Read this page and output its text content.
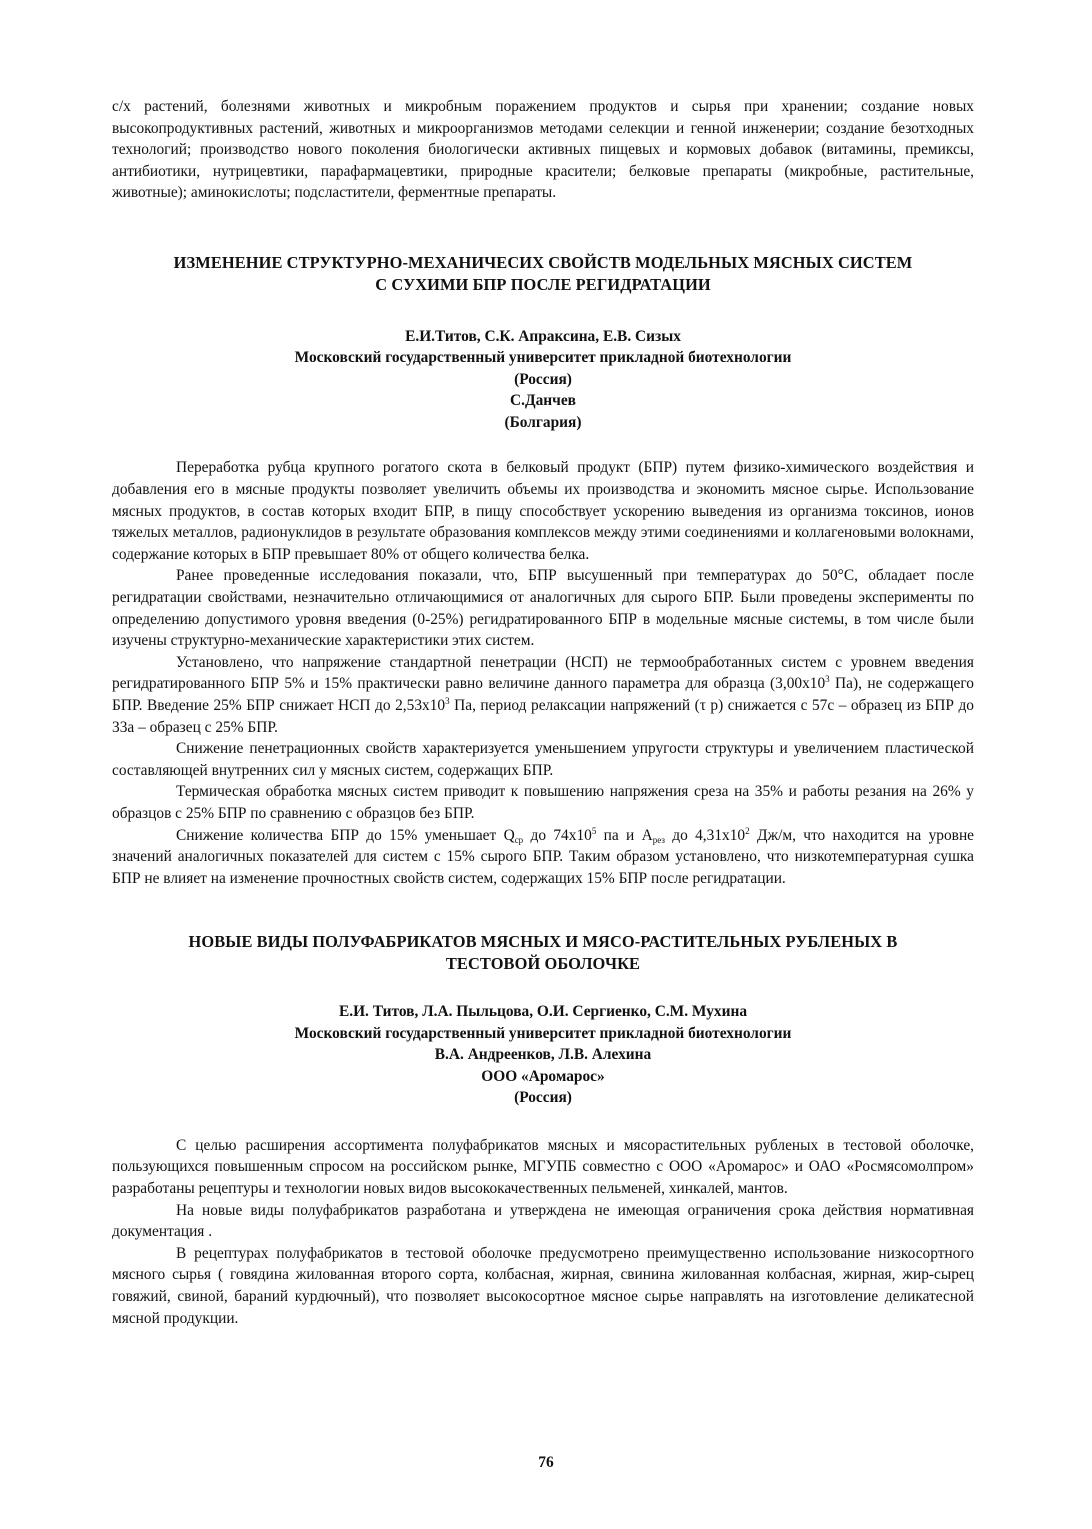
с/х растений, болезнями животных и микробным поражением продуктов и сырья при хранении; создание новых высокопродуктивных растений, животных и микроорганизмов методами селекции и генной инженерии; создание безотходных технологий; производство нового поколения биологически активных пищевых и кормовых добавок (витамины, премиксы, антибиотики, нутрицевтики, парафармацевтики, природные красители; белковые препараты (микробные, растительные, животные); аминокислоты; подсластители, ферментные препараты.

ИЗМЕНЕНИЕ СТРУКТУРНО-МЕХАНИЧЕСИХ СВОЙСТВ МОДЕЛЬНЫХ МЯСНЫХ СИСТЕМ
С СУХИМИ БПР ПОСЛЕ РЕГИДРАТАЦИИ
Е.И.Титов, С.К. Апраксина, Е.В. Сизых
Московский государственный университет прикладной биотехнологии
(Россия)
С.Данчев
(Болгария)

Переработка рубца крупного рогатого скота в белковый продукт (БПР) путем физико-химического воздействия и добавления его в мясные продукты позволяет увеличить объемы их производства и экономить мясное сырье. Использование мясных продуктов, в состав которых входит БПР, в пищу способствует ускорению выведения из организма токсинов, ионов тяжелых металлов, радионуклидов в результате образования комплексов между этими соединениями и коллагеновыми волокнами, содержание которых в БПР превышает 80% от общего количества белка.

Ранее проведенные исследования показали, что, БПР высушенный при температурах до 50°С, обладает после регидратации свойствами, незначительно отличающимися от аналогичных для сырого БПР. Были проведены эксперименты по определению допустимого уровня введения (0-25%) регидратированного БПР в модельные мясные системы, в том числе были изучены структурно-механические характеристики этих систем.

Установлено, что напряжение стандартной пенетрации (НСП) не термообработанных систем с уровнем введения регидратированного БПР 5% и 15% практически равно величине данного параметра для образца ($3,00х10^3$ Па), не содержащего БПР. Введение 25% БПР снижает НСП до $2,53х10^3$ Па, период релаксации напряжений (τ р) снижается с 57с – образец из БПР до 33а – образец с 25% БПР.

Снижение пенетрационных свойств характеризуется уменьшением упругости структуры и увеличением пластической составляющей внутренних сил у мясных систем, содержащих БПР.

Термическая обработка мясных систем приводит к повышению напряжения среза на 35% и работы резания на 26% у образцов с 25% БПР по сравнению с образцов без БПР.

Снижение количества БПР до 15% уменьшает $Q_{ср}$ до $74х10^5$ па и $А_{рез}$ до $4,31х10^2$ Дж/м, что находится на уровне значений аналогичных показателей для систем с 15% сырого БПР. Таким образом установлено, что низкотемпературная сушка БПР не влияет на изменение прочностных свойств систем, содержащих 15% БПР после регидратации.

НОВЫЕ ВИДЫ ПОЛУФАБРИКАТОВ МЯСНЫХ И МЯСО-РАСТИТЕЛЬНЫХ РУБЛЕНЫХ В
ТЕСТОВОЙ ОБОЛОЧКЕ
Е.И. Титов, Л.А. Пыльцова, О.И. Сергиенко, С.М. Мухина
Московский государственный университет прикладной биотехнологии
В.А. Андреенков, Л.В. Алехина
ООО «Аромарос»
(Россия)

С целью расширения ассортимента полуфабрикатов мясных и мясорастительных рубленых в тестовой оболочке, пользующихся повышенным спросом на российском рынке, МГУПБ совместно с ООО «Аромарос» и ОАО «Росмясомолпром» разработаны рецептуры и технологии новых видов высококачественных пельменей, хинкалей, мантов.

На новые виды полуфабрикатов разработана и утверждена не имеющая ограничения срока действия нормативная документация .

В рецептурах полуфабрикатов в тестовой оболочке предусмотрено преимущественно использование низкосортного мясного сырья ( говядина жилованная второго сорта, колбасная, жирная, свинина жилованная колбасная, жирная, жир-сырец говяжий, свиной, бараний курдючный), что позволяет высокосортное мясное сырье направлять на изготовление деликатесной мясной продукции.

76
